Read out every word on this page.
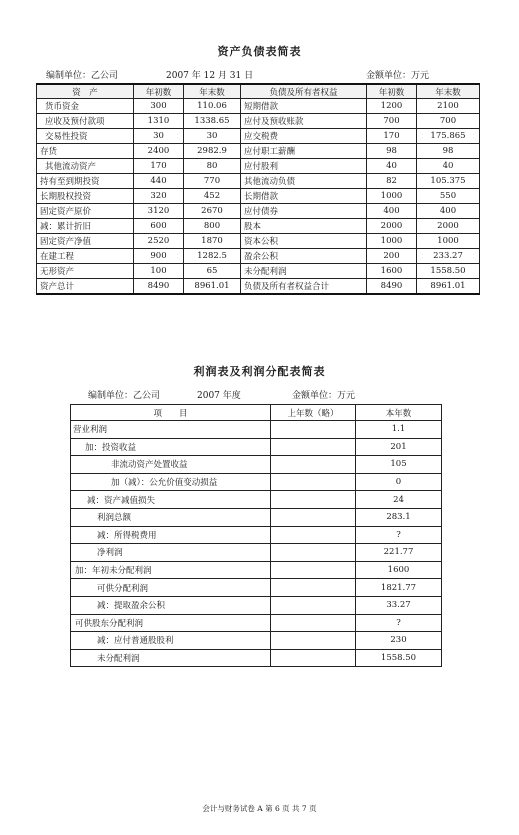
资产负债表简表
编制单位：乙公司	2007 年 12 月 31 日	金额单位：万元
资　产	年初数	年末数	负债及所有者权益	年初数	年末数
货币资金	300	110.06	短期借款	1200	2100
应收及预付款项	1310	1338.65	应付及预收账款	700	700
交易性投资	30	30	应交税费	170	175.865
存货	2400	2982.9	应付职工薪酬	98	98
其他流动资产	170	80	应付股利	40	40
持有至到期投资	440	770	其他流动负债	82	105.375
长期股权投资	320	452	长期借款	1000	550
固定资产原价	3120	2670	应付债券	400	400
减：累计折旧	600	800	股本	2000	2000
固定资产净值	2520	1870	资本公积	1000	1000
在建工程	900	1282.5	盈余公积	200	233.27
无形资产	100	65	未分配利润	1600	1558.50
资产总计	8490	8961.01	负债及所有者权益合计	8490	8961.01
利润表及利润分配表简表
编制单位：乙公司	2007 年度	金额单位：万元
项　　目	上年数（略）	本年数
营业利润		1.1
加：投资收益		201
非流动资产处置收益		105
加（减）：公允价值变动损益		0
减：资产减值损失		24
利润总额		283.1
减：所得税费用		?
净利润		221.77
加：年初未分配利润		1600
可供分配利润		1821.77
减：提取盈余公积		33.27
可供股东分配利润		?
减：应付普通股股利		230
未分配利润		1558.50
会计与财务试卷 A 第 6 页 共 7 页
